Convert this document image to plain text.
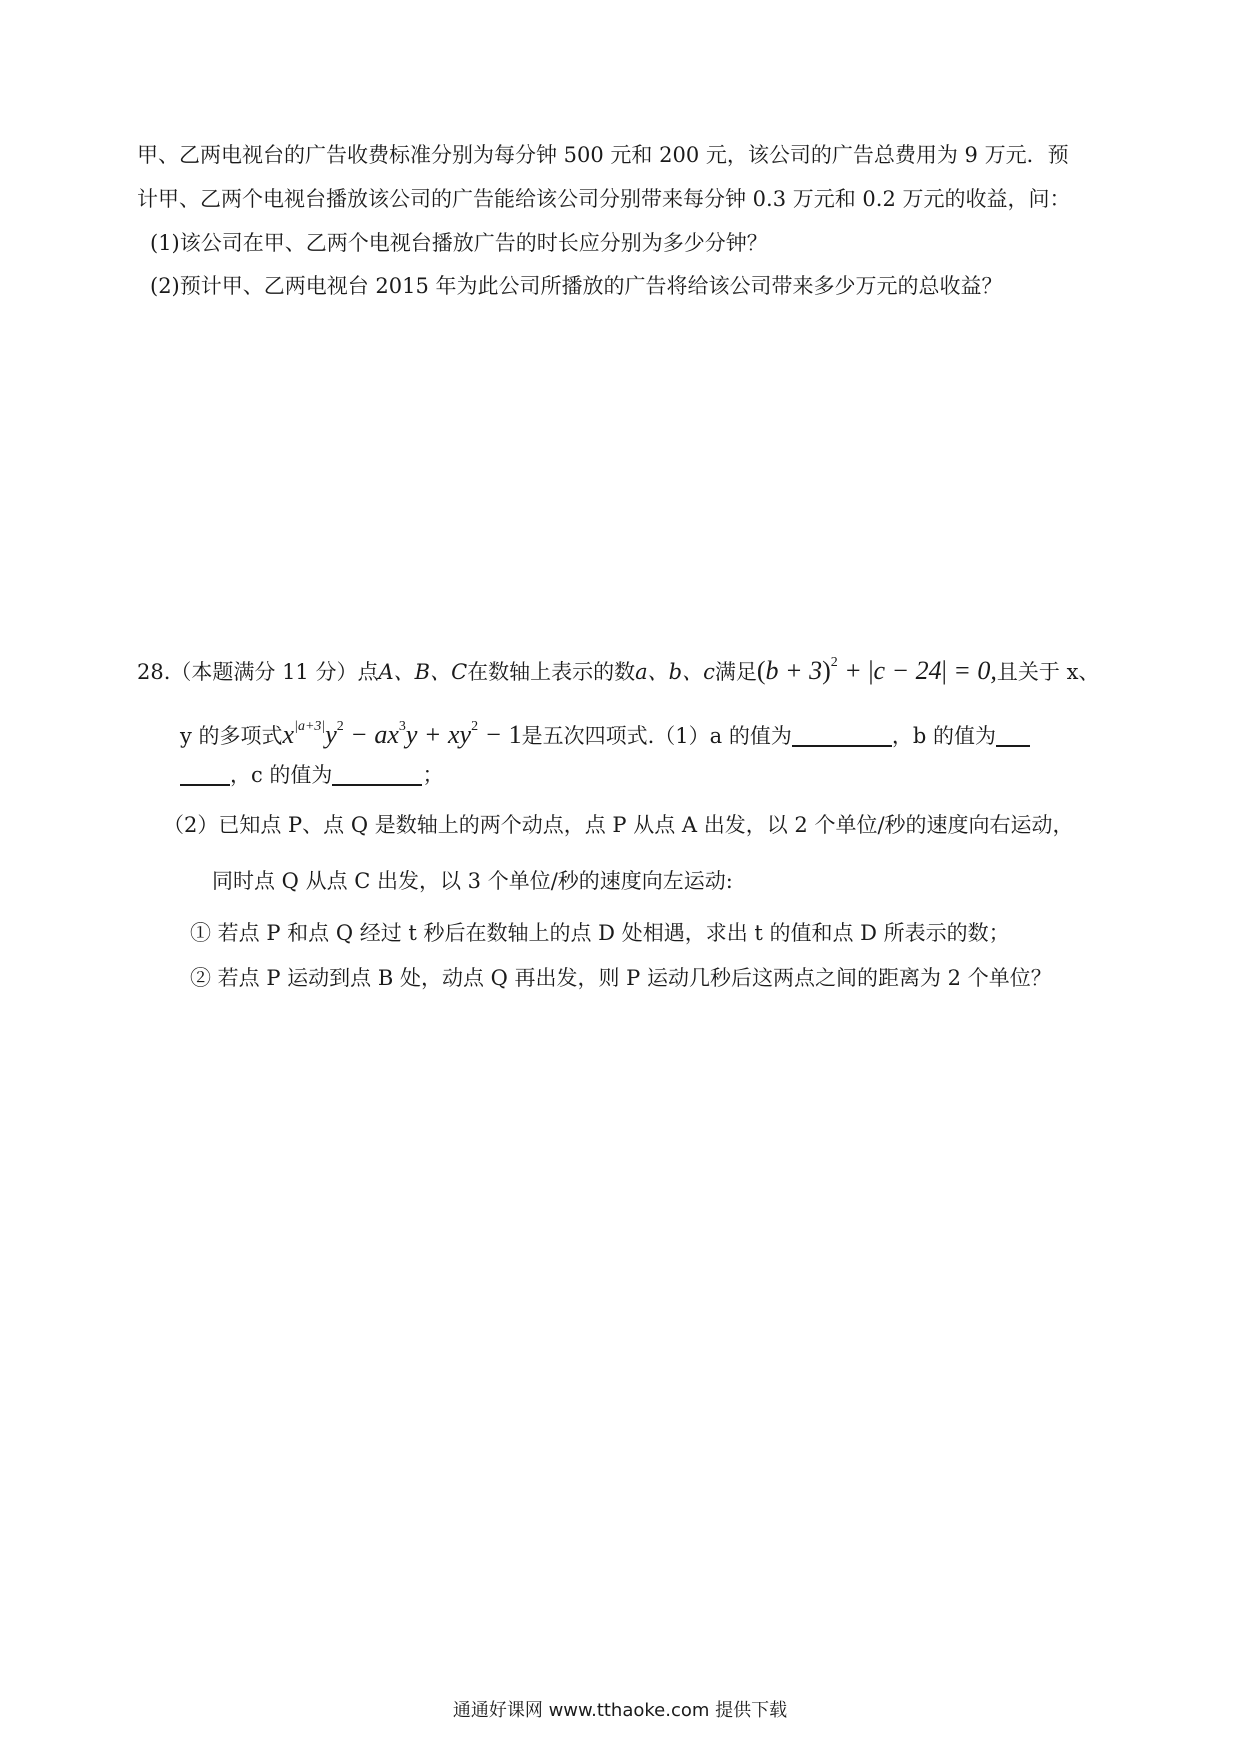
甲、乙两电视台的广告收费标准分别为每分钟 500 元和 200 元，该公司的广告总费用为 9 万元．预
计甲、乙两个电视台播放该公司的广告能给该公司分别带来每分钟 0.3 万元和 0.2 万元的收益，问：
(1)该公司在甲、乙两个电视台播放广告的时长应分别为多少分钟？
(2)预计甲、乙两电视台 2015 年为此公司所播放的广告将给该公司带来多少万元的总收益？
28.（本题满分 11 分）点A、B、C在数轴上表示的数a、b、c满足$(b + 3)^2 + |c - 24| = 0$,且关于 x、
y 的多项式$x^{|a+3|}y^2 - ax^3y + xy^2 - 1$是五次四项式.（1）a 的值为	，b 的值为
，c 的值为	；
（2）已知点 P、点 Q 是数轴上的两个动点，点 P 从点 A 出发，以 2 个单位/秒的速度向右运动，
同时点 Q 从点 C 出发，以 3 个单位/秒的速度向左运动:
① 若点 P 和点 Q 经过 t 秒后在数轴上的点 D 处相遇，求出 t 的值和点 D 所表示的数；
② 若点 P 运动到点 B 处，动点 Q 再出发，则 P 运动几秒后这两点之间的距离为 2 个单位？
通通好课网 www.tthaoke.com 提供下载
